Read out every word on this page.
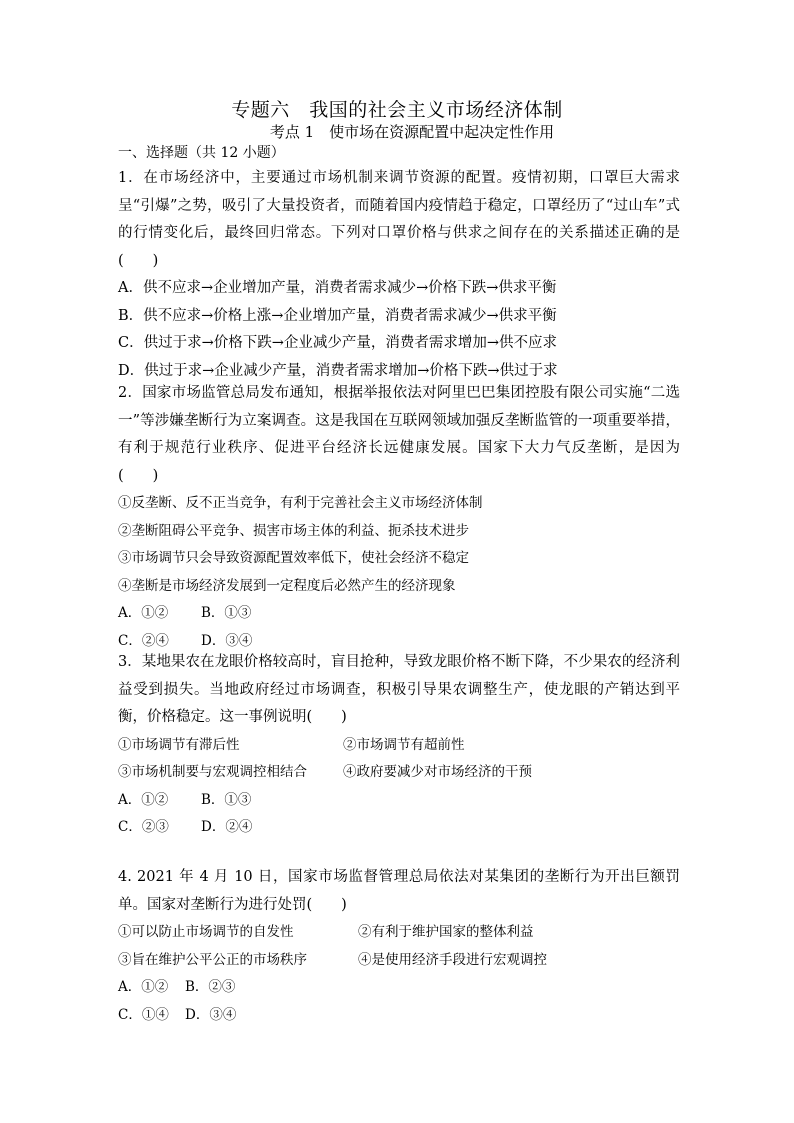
专题六　我国的社会主义市场经济体制
考点 1　使市场在资源配置中起决定性作用
一、选择题（共 12 小题）

1．在市场经济中，主要通过市场机制来调节资源的配置。疫情初期，口罩巨大需求呈“引爆”之势，吸引了大量投资者，而随着国内疫情趋于稳定，口罩经历了“过山车”式的行情变化后，最终回归常态。下列对口罩价格与供求之间存在的关系描述正确的是(　　)

A．供不应求→企业增加产量，消费者需求减少→价格下跌→供求平衡

B．供不应求→价格上涨→企业增加产量，消费者需求减少→供求平衡

C．供过于求→价格下跌→企业减少产量，消费者需求增加→供不应求

D．供过于求→企业减少产量，消费者需求增加→价格下跌→供过于求

2．国家市场监管总局发布通知，根据举报依法对阿里巴巴集团控股有限公司实施“二选一”等涉嫌垄断行为立案调查。这是我国在互联网领域加强反垄断监管的一项重要举措，有利于规范行业秩序、促进平台经济长远健康发展。国家下大力气反垄断，是因为(　　)

①反垄断、反不正当竞争，有利于完善社会主义市场经济体制

②垄断阻碍公平竞争、损害市场主体的利益、扼杀技术进步

③市场调节只会导致资源配置效率低下，使社会经济不稳定

④垄断是市场经济发展到一定程度后必然产生的经济现象

A．①②	B．①③
C．②④	D．③④

3．某地果农在龙眼价格较高时，盲目抢种，导致龙眼价格不断下降，不少果农的经济利益受到损失。当地政府经过市场调查，积极引导果农调整生产，使龙眼的产销达到平衡，价格稳定。这一事例说明(　　)

①市场调节有滞后性	②市场调节有超前性
③市场机制要与宏观调控相结合	④政府要减少对市场经济的干预
A．①②	B．①③
C．②③	D．②④

4. 2021 年 4 月 10 日，国家市场监督管理总局依法对某集团的垄断行为开出巨额罚单。国家对垄断行为进行处罚(　　)

①可以防止市场调节的自发性	②有利于维护国家的整体利益
③旨在维护公平公正的市场秩序	④是使用经济手段进行宏观调控
A．①②	B．②③
C．①④	D．③④
